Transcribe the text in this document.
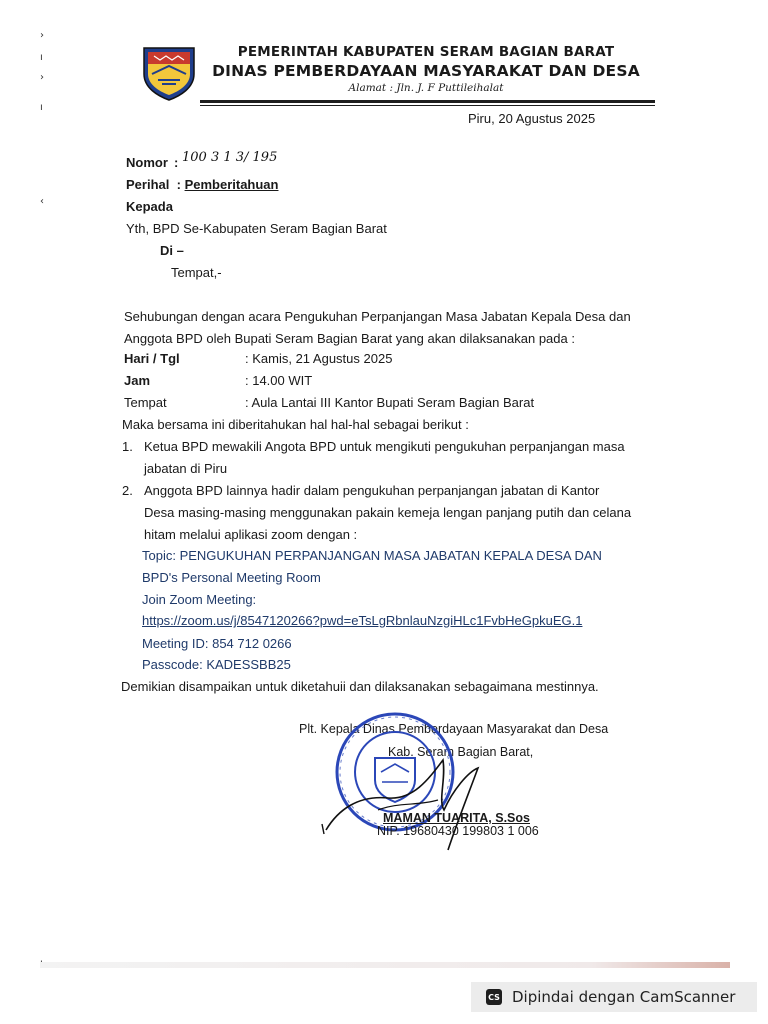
›
ı
›
ı
‹
PEMERINTAH KABUPATEN SERAM BAGIAN BARAT
DINAS PEMBERDAYAAN MASYARAKAT DAN DESA
Alamat : Jln. J. F Puttileihalat
Piru, 20 Agustus 2025
Nomor : 100 3 1 3/ 195
Perihal  : Pemberitahuan
Kepada
Yth, BPD Se-Kabupaten Seram Bagian Barat
Di –
Tempat,-
Sehubungan dengan acara Pengukuhan Perpanjangan Masa Jabatan Kepala Desa dan
Anggota BPD oleh Bupati Seram Bagian Barat yang akan dilaksanakan pada :
Hari / Tgl	: Kamis, 21 Agustus 2025
Jam	: 14.00 WIT
Tempat	: Aula Lantai III Kantor Bupati Seram Bagian Barat
Maka bersama ini diberitahukan hal hal-hal sebagai berikut :
1. Ketua BPD mewakili Angota BPD untuk mengikuti pengukuhan perpanjangan masa
jabatan di Piru
2. Anggota BPD lainnya hadir dalam pengukuhan perpanjangan jabatan di Kantor
Desa masing-masing menggunakan pakain kemeja lengan panjang putih dan celana
hitam melalui aplikasi zoom dengan :
Topic: PENGUKUHAN PERPANJANGAN MASA JABATAN KEPALA DESA DAN
BPD's Personal Meeting Room
Join Zoom Meeting:
https://zoom.us/j/8547120266?pwd=eTsLgRbnlauNzgiHLc1FvbHeGpkuEG.1
Meeting ID: 854 712 0266
Passcode: KADESSBB25
Demikian disampaikan untuk diketahuii dan dilaksanakan sebagaimana mestinnya.
Plt. Kepala Dinas Pemberdayaan Masyarakat dan Desa
Kab. Seram Bagian Barat,
MAMAN TUARITA, S.Sos
NIP. 19680430 199803 1 006
CS Dipindai dengan CamScanner
